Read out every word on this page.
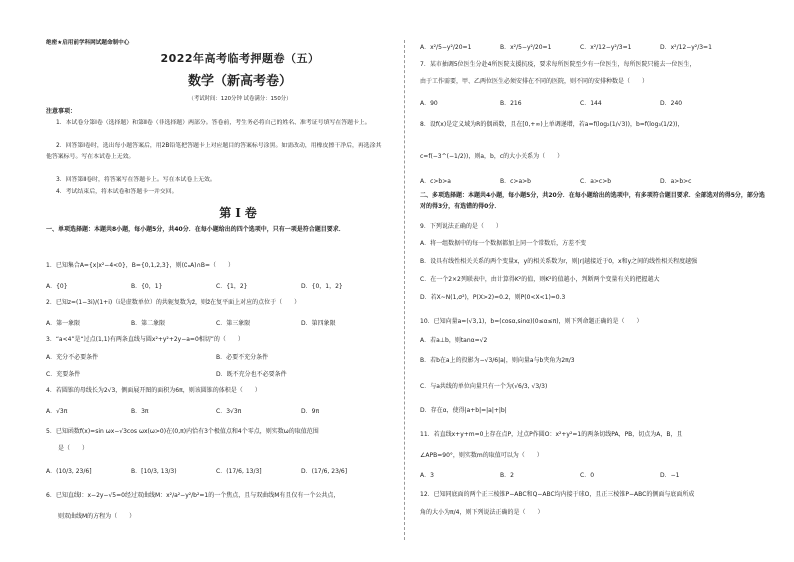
绝密★启用前学科网试题命制中心
2022年高考临考押题卷（五）
数学（新高考卷）
（考试时间：120分钟 试卷满分：150分）
注意事项：
1．本试卷分第Ⅰ卷（选择题）和第Ⅱ卷（非选择题）两部分。答卷前，考生务必将自己的姓名、准考证号填写在答题卡上。
2．回答第Ⅰ卷时，选出每小题答案后，用2B铅笔把答题卡上对应题目的答案标号涂黑。如需改动，用橡皮擦干净后，再选涂其他答案标号。写在本试卷上无效。
3．回答第Ⅱ卷时，将答案写在答题卡上。写在本试卷上无效。
4．考试结束后，将本试卷和答题卡一并交回。
第Ⅰ卷
一、单项选择题：本题共8小题，每小题5分，共40分．在每小题给出的四个选项中，只有一项是符合题目要求．
1．已知集合A={x|x²−4<0}，B={0,1,2,3}，则(∁ₐA)∩B=（　　）
A．{0}	B．{0，1}	C．{1，2}	D．{0，1，2}
2．已知z=(1−3i)/(1+i)（i是虚数单位）的共轭复数为z̄，则z̄在复平面上对应的点位于（　　）
A．第一象限	B．第二象限	C．第三象限	D．第四象限
3．“a<4”是“过点(1,1)有两条直线与圆x²+y²+2y−a=0相切”的（　　）
A．充分不必要条件	B．必要不充分条件
C．充要条件	D．既不充分也不必要条件
4．若圆锥的母线长为2√3，侧面展开图的面积为6π，则该圆锥的体积是（　　）
A．√3π	B．3π	C．3√3π	D．9π
5．已知函数f(x)=sin ωx−√3cos ωx(ω>0)在(0,π)内恰有3个极值点和4个零点，则实数ω的取值范围
是（　　）
A．(10/3, 23/6]	B．[10/3, 13/3)	C．(17/6, 13/3]	D．(17/6, 23/6]
6．已知直线l：x−2y−√5=0经过双曲线M：x²/a²−y²/b²=1的一个焦点，且与双曲线M有且仅有一个公共点，
则双曲线M的方程为（　　）
A．x²/5−y²/20=1	B．x²/5−y²/20=1	C．x²/12−y²/3=1	D．x²/12−y²/3=1
7．某市抽调5位医生分赴4所医院支援抗疫，要求每所医院至少有一位医生，每所医院只能去一位医生，
由于工作需要，甲、乙两位医生必须安排在不同的医院，则不同的安排种数是（　　）
A．90	B．216	C．144	D．240
8．设f(x)是定义域为R的偶函数，且在[0,+∞)上单调递增，若a=f(log₂(1/√3))，b=f(log₃(1/2))，
c=f(−3^(−1/2))，则a，b，c的大小关系为（　　）
A．c>b>a	B．c>a>b	C．a>c>b	D．a>b>c
二、多项选择题：本题共4小题，每小题5分，共20分．在每小题给出的选项中，有多项符合题目要求．全部选对的得5分，部分选对的得3分，有选错的得0分．
9．下列说法正确的是（　　）
A．将一组数据中的每一个数据都加上同一个常数后，方差不变
B．设具有线性相关关系的两个变量x，y的相关系数为r，则|r|越接近于0，x和y之间的线性相关程度越强
C．在一个2×2列联表中，由计算得K²的值，则K²的值越小，判断两个变量有关的把握越大
D．若X~N(1,σ²)，P(X>2)=0.2，则P(0<X<1)=0.3
10．已知向量a=(√3,1)，b=(cosα,sinα)(0≤α≤π)，则下列命题正确的是（　　）
A．若a⊥b，则tanα=√2
B．若b在a上的投影为−√3/6|a|，则向量a与b夹角为2π/3
C．与a共线的单位向量只有一个为(√6/3, √3/3)
D．存在α，使得|a+b|=|a|+|b|
11．若直线x+y+m=0上存在点P，过点P作圆O：x²+y²=1的两条切线PA，PB，切点为A，B，且
∠APB=90°，则实数m的取值可以为（　　）
A．3	B．2	C．0	D．−1
12．已知同底面的两个正三棱锥P−ABC和Q−ABC均内接于球O，且正三棱锥P−ABC的侧面与底面所成
角的大小为π/4，则下列说法正确的是（　　）
